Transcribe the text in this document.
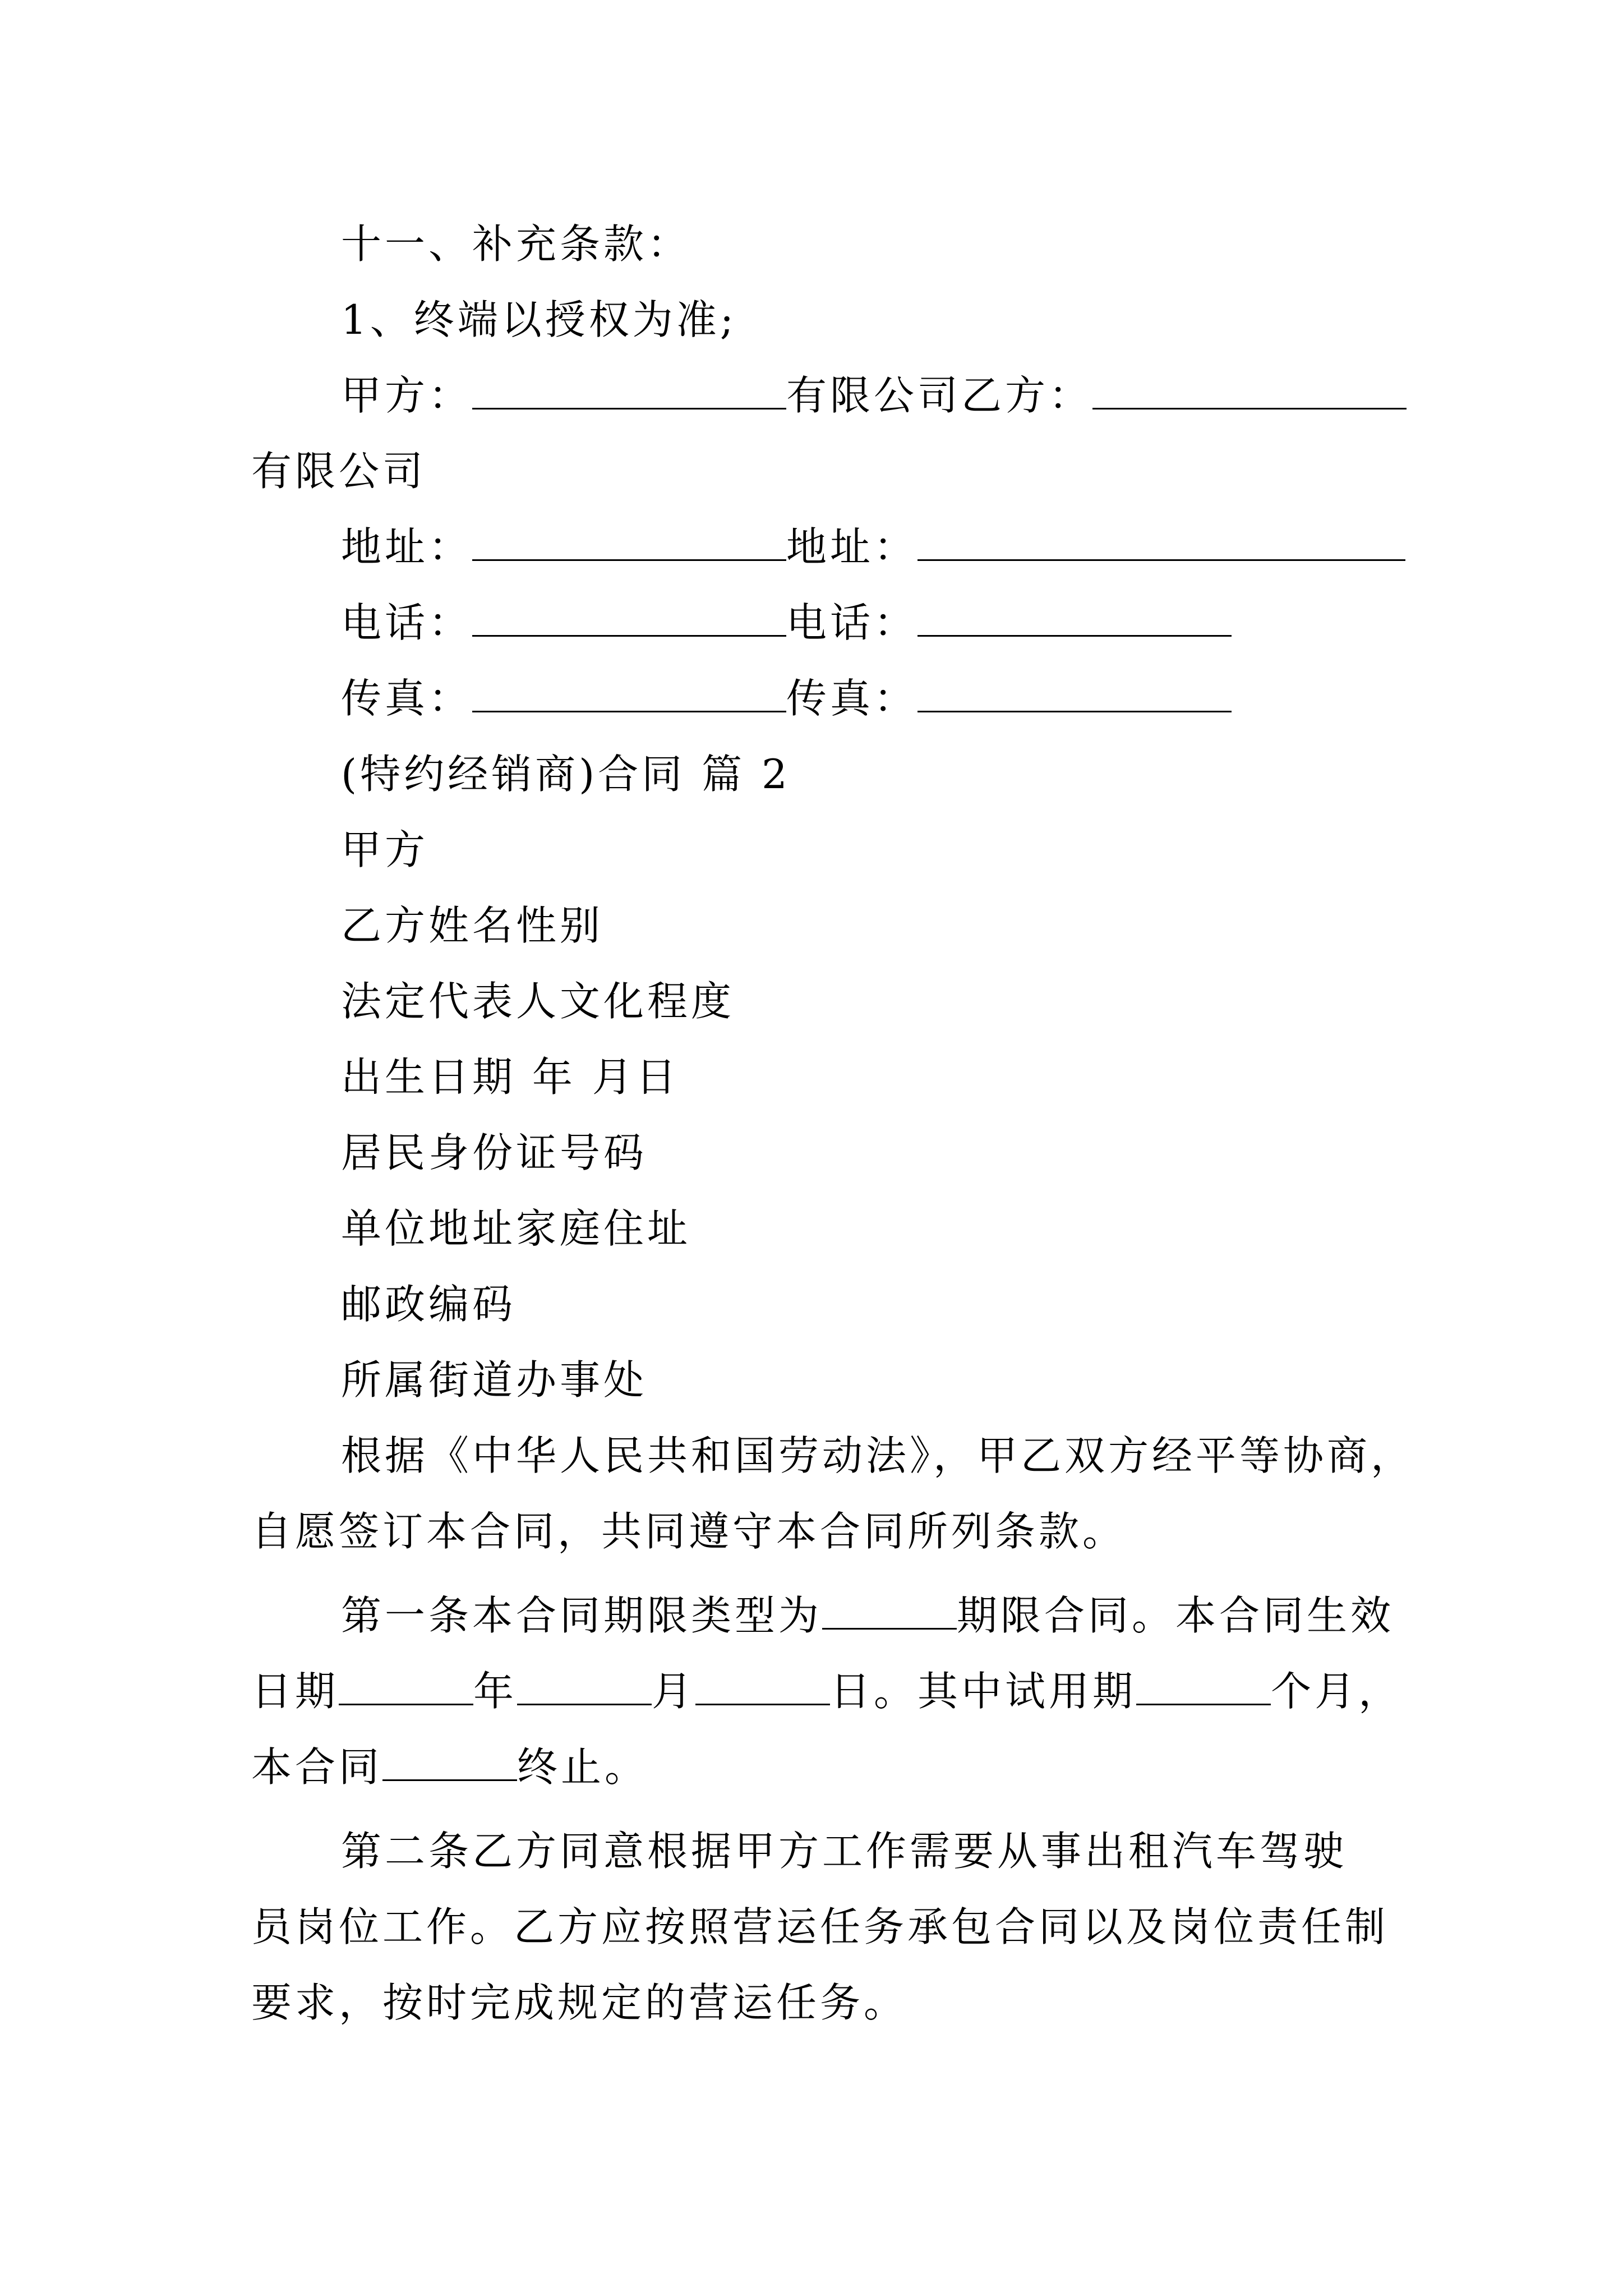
十一、补充条款：
1、终端以授权为准;
甲方：	有限公司乙方：
有限公司
地址：	地址：
电话：	电话：
传真：	传真：
(特约经销商)合同 篇 2
甲方
乙方姓名性别
法定代表人文化程度
出生日期 年 月日
居民身份证号码
单位地址家庭住址
邮政编码
所属街道办事处
根据《中华人民共和国劳动法》，甲乙双方经平等协商，
自愿签订本合同，共同遵守本合同所列条款。
第一条本合同期限类型为	期限合同。本合同生效
日期	年	月	日。其中试用期	个月，
本合同	终止。
第二条乙方同意根据甲方工作需要从事出租汽车驾驶
员岗位工作。乙方应按照营运任务承包合同以及岗位责任制
要求，按时完成规定的营运任务。
